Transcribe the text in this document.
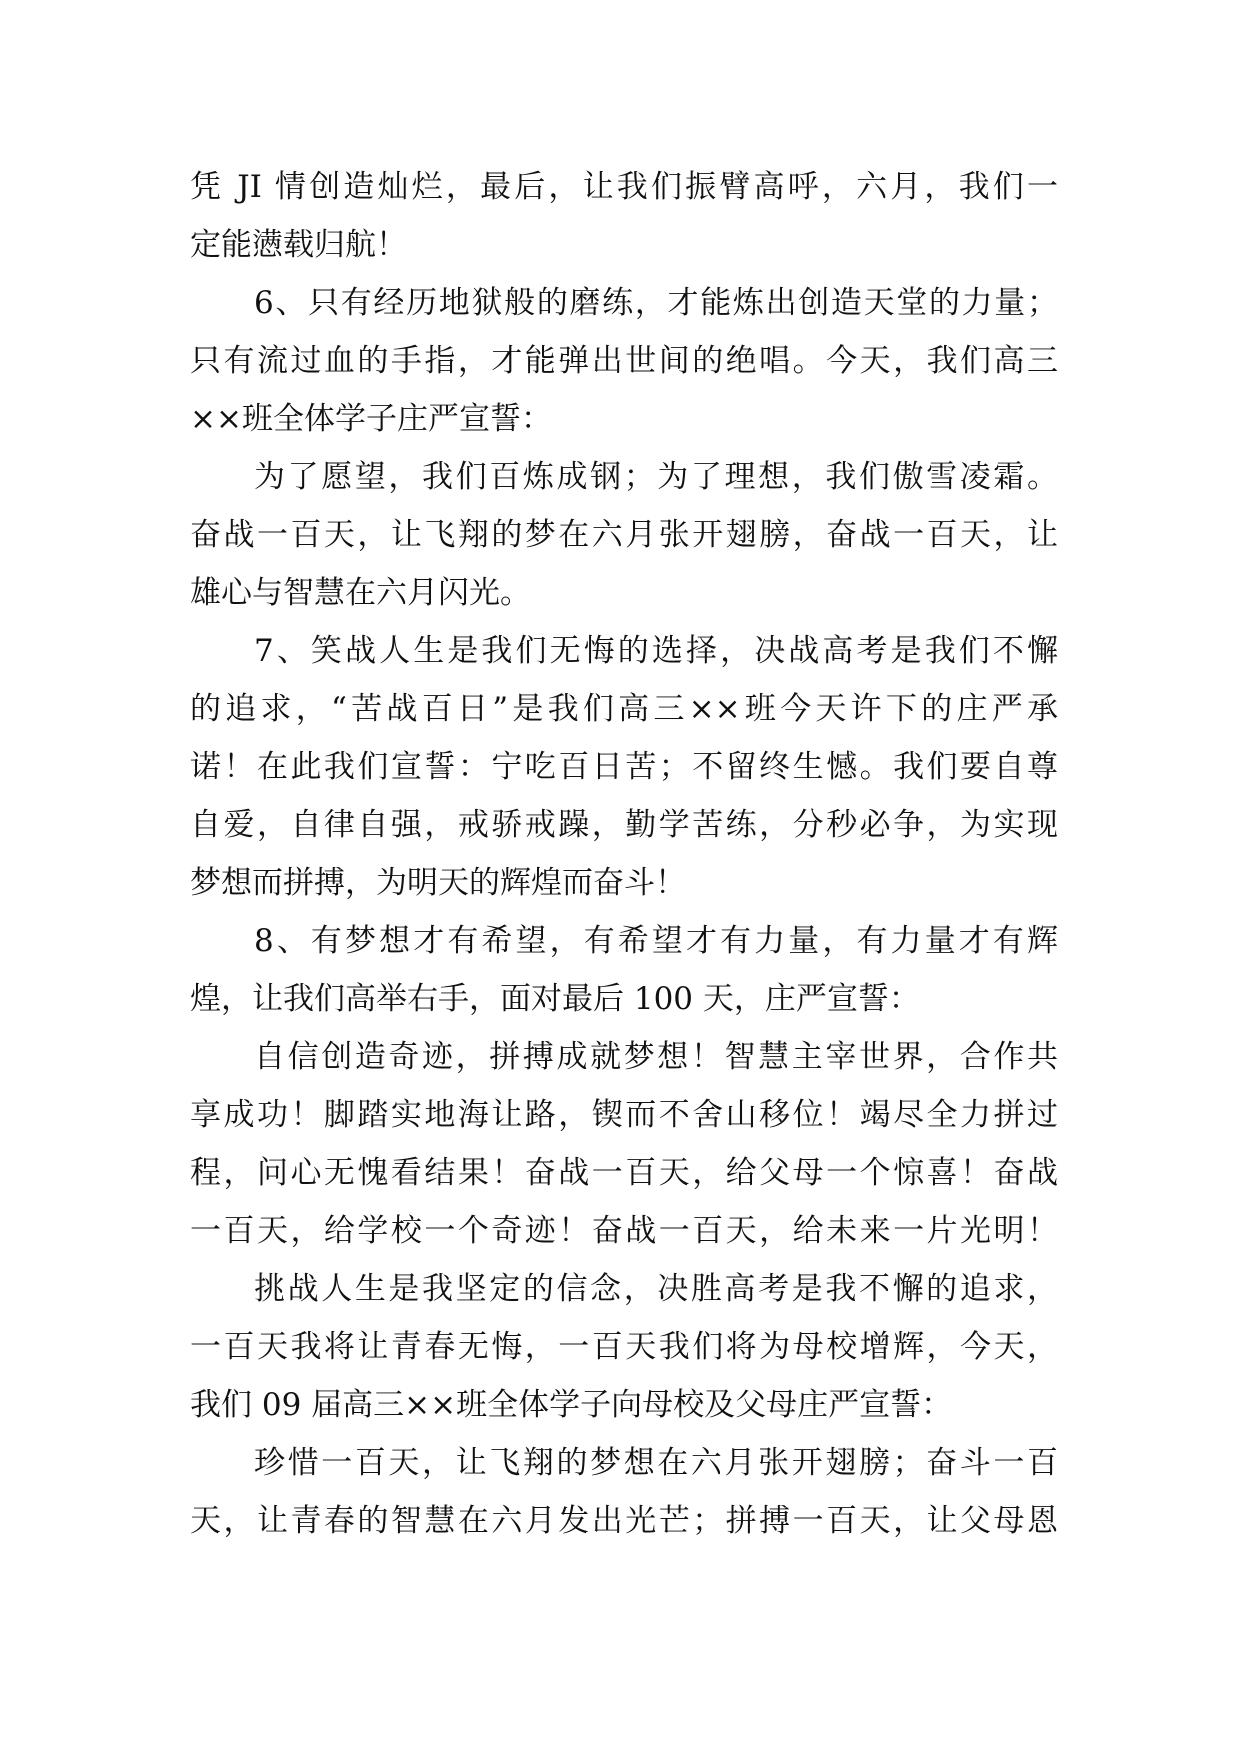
凭 JI 情创造灿烂，最后，让我们振臂高呼，六月，我们一
定能懑载归航！
6、只有经历地狱般的磨练，才能炼出创造天堂的力量；
只有流过血的手指，才能弹出世间的绝唱。今天，我们高三
××班全体学子庄严宣誓：
为了愿望，我们百炼成钢；为了理想，我们傲雪凌霜。
奋战一百天，让飞翔的梦在六月张开翅膀，奋战一百天，让
雄心与智慧在六月闪光。
7、笑战人生是我们无悔的选择，决战高考是我们不懈
的追求，“苦战百日”是我们高三××班今天许下的庄严承
诺！在此我们宣誓：宁吃百日苦；不留终生憾。我们要自尊
自爱，自律自强，戒骄戒躁，勤学苦练，分秒必争，为实现
梦想而拼搏，为明天的辉煌而奋斗！
8、有梦想才有希望，有希望才有力量，有力量才有辉
煌，让我们高举右手，面对最后 100 天，庄严宣誓：
自信创造奇迹，拼搏成就梦想！智慧主宰世界，合作共
享成功！脚踏实地海让路，锲而不舍山移位！竭尽全力拼过
程，问心无愧看结果！奋战一百天，给父母一个惊喜！奋战
一百天，给学校一个奇迹！奋战一百天，给未来一片光明！
挑战人生是我坚定的信念，决胜高考是我不懈的追求，
一百天我将让青春无悔，一百天我们将为母校增辉，今天，
我们 09 届高三××班全体学子向母校及父母庄严宣誓：
珍惜一百天，让飞翔的梦想在六月张开翅膀；奋斗一百
天，让青春的智慧在六月发出光芒；拼搏一百天，让父母恩
